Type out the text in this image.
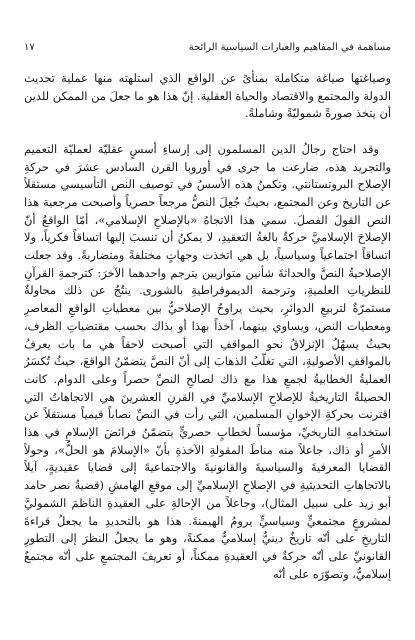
مساهمة في المفاهيم والعبارات السياسية الرائجة
١٧

وصياغتها صياغة متكاملة بمنأىً عن الواقع الذي استلهته منها عملية تحديث الدولة والمجتمع والاقتصاد والحياة العقلية. إنّ هذا هو ما جعلَ من الممكن للدين أن يتخذ صورةً شموليّةً وشاملةً.

وقد احتاج رجالُ الدين المسلمون إلى إرساءِ أسسٍ عقليّة لعمليّة التعميم والتجريد هذه، ضارعت ما جرى في أوروبا القرن السادس عشرَ في حركةِ الإصلاح البروتستانتي. وتكمنُ هذه الأسسُ في توصيف النص التأسيسي مستقلاً عن التاريخ وعن المجتمع، بحيثُ جُعِلَ النصُّ مرجعاً حصرياً وأصبحت مرجعية هذا النص القولَ الفصلَ. سمي هذا الاتجاهُ «بالإصلاحِ الإسلامي»، أمّا الواقعُ أنّ الإصلاحَ الإسلاميَّ حركةٌ بالغةُ التعقيدِ، لا يمكنُ أن تنسبَ إليها اتساقاً فكرياً، ولا اتساقاً اجتماعياً وسياسياً، بل هي اتخذت وجهاتٍ مختلفةً ومتضاربةً. وقد جعلت الإصلاحيةُ النصَّ والحداثةَ شأنين متوازيين يترجم واحدهما الآخرَ: كترجمةِ القرآنِ للنظرياتِ العلميةِ، وترجمة الديموقراطيةِ بالشورى. ينتُجُ عن ذلك محاولةٌ مستمرّةٌ لتربيعِ الدوائرِ، بحيث يراوحُ الإصلاحيُّ بين معطياتِ الواقعِ المعاصرِ ومعطيات النص، ويساوي بينهما، آخذاً بهذا أو بذاك بحسب مقتضياتِ الظرف، بحيثُ يسهُلُ الإنزلاقُ نحو المواقفِ التي أصبحت لاحقاً هي ما بات يعرفُ بالمواقفِ الأصوليةِ، التي تغلّبُ الذهابَ إلى أنّ النصَّ يتضمّنُ الواقعَ، حيثُ تُكسَرُ العمليةُ الخطابيةُ لجمعِ هذا مع ذاك لصالحِ النصِّ حصراً وعلى الدوام. كانت الحصيلةُ التاريخيةُ للإصلاحِ الإسلاميِّ في القرنِ العشرينَ هي الاتجاهاتُ التي اقترنت بحركةِ الإخوانِ المسلمين، التي رأت في النصِّ نصاباً قيمياً مستقلاً عن استخدامهِ التاريخيِّ، مؤسساً لخطابٍ حصريٍّ يتضمّنُ فرائضَ الإسلامِ في هذا الأمرِ أو ذاك، جاعلاً منه مناطَ المقولةِ الآخذةِ بأنّ «الإسلامَ هو الحلُّ»، وحولاً القضايا المعرفيةَ والسياسيةَ والقانونيةَ والاجتماعيةَ إلى قضايا عقيديةٍ، آيلاً بالاتجاهاتِ التحديثيةِ في الإصلاحِ الإسلاميِّ إلى موقعِ الهامشِ (قضيةُ نصر حامد أبو زيد على سبيل المثال)، وجاعلاً من الإحالةِ على العقيدةِ الناظمَ الشموليَّ لمشروعٍ مجتمعيٍّ وسياسيٍّ يرومُ الهيمنةَ. هذا هو بالتحديدِ ما يجعلُ قراءةَ التاريخِ على أنّه تاريخٌ دينيٌّ إسلاميٌّ ممكنةً، وهو ما يجعلُ النظرَ إلى التطورِ القانونيِّ على أنّه حركةٌ في العقيدةِ ممكناً، أو تعريفَ المجتمعِ على أنّه مجتمعٌ إسلاميٌّ، وتصوّرَه على أنّه
